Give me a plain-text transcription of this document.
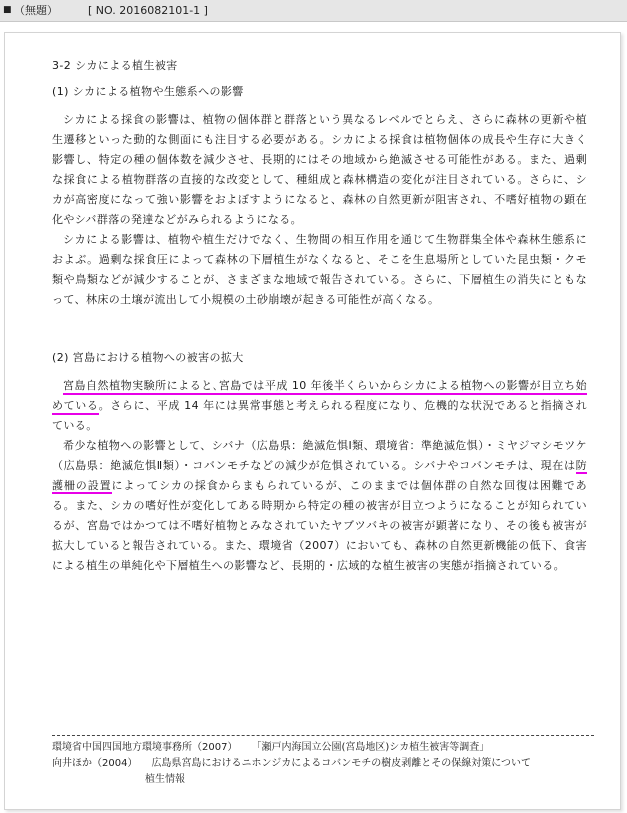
■ （無題）	[ NO. 2016082101-1 ]

3-2 シカによる植生被害

(1) シカによる植物や生態系への影響

シカによる採食の影響は、植物の個体群と群落という異なるレベルでとらえ、さらに森林の更新や植生遷移といった動的な側面にも注目する必要がある。シカによる採食は植物個体の成長や生存に大きく影響し、特定の種の個体数を減少させ、長期的にはその地域から絶滅させる可能性がある。また、過剰な採食による植物群落の直接的な改変として、種組成と森林構造の変化が注目されている。さらに、シカが高密度になって強い影響をおよぼすようになると、森林の自然更新が阻害され、不嗜好植物の顕在化やシバ群落の発達などがみられるようになる。

シカによる影響は、植物や植生だけでなく、生物間の相互作用を通じて生物群集全体や森林生態系におよぶ。過剰な採食圧によって森林の下層植生がなくなると、そこを生息場所としていた昆虫類・クモ類や鳥類などが減少することが、さまざまな地域で報告されている。さらに、下層植生の消失にともなって、林床の土壌が流出して小規模の土砂崩壊が起きる可能性が高くなる。

(2) 宮島における植物への被害の拡大

宮島自然植物実験所によると､宮島では平成 10 年後半くらいからシカによる植物への影響が目立ち始めている。さらに、平成 14 年には異常事態と考えられる程度になり、危機的な状況であると指摘されている。

希少な植物への影響として、シバナ（広島県：絶滅危惧Ⅰ類、環境省：準絶滅危惧）・ミヤジマシモツケ（広島県：絶滅危惧Ⅱ類）・コバンモチなどの減少が危惧されている。シバナやコバンモチは、現在は防護柵の設置によってシカの採食からまもられているが、このままでは個体群の自然な回復は困難である。また、シカの嗜好性が変化してある時期から特定の種の被害が目立つようになることが知られているが、宮島ではかつては不嗜好植物とみなされていたヤブツバキの被害が顕著になり、その後も被害が拡大していると報告されている。また、環境省（2007）においても、森林の自然更新機能の低下、食害による植生の単純化や下層植生への影響など、長期的・広域的な植生被害の実態が指摘されている。

環境省中国四国地方環境事務所（2007） 「瀬戸内海国立公園(宮島地区)シカ植生被害等調査」
向井ほか（2004） 広島県宮島におけるニホンジカによるコバンモチの樹皮剥離とその保線対策について
植生情報
